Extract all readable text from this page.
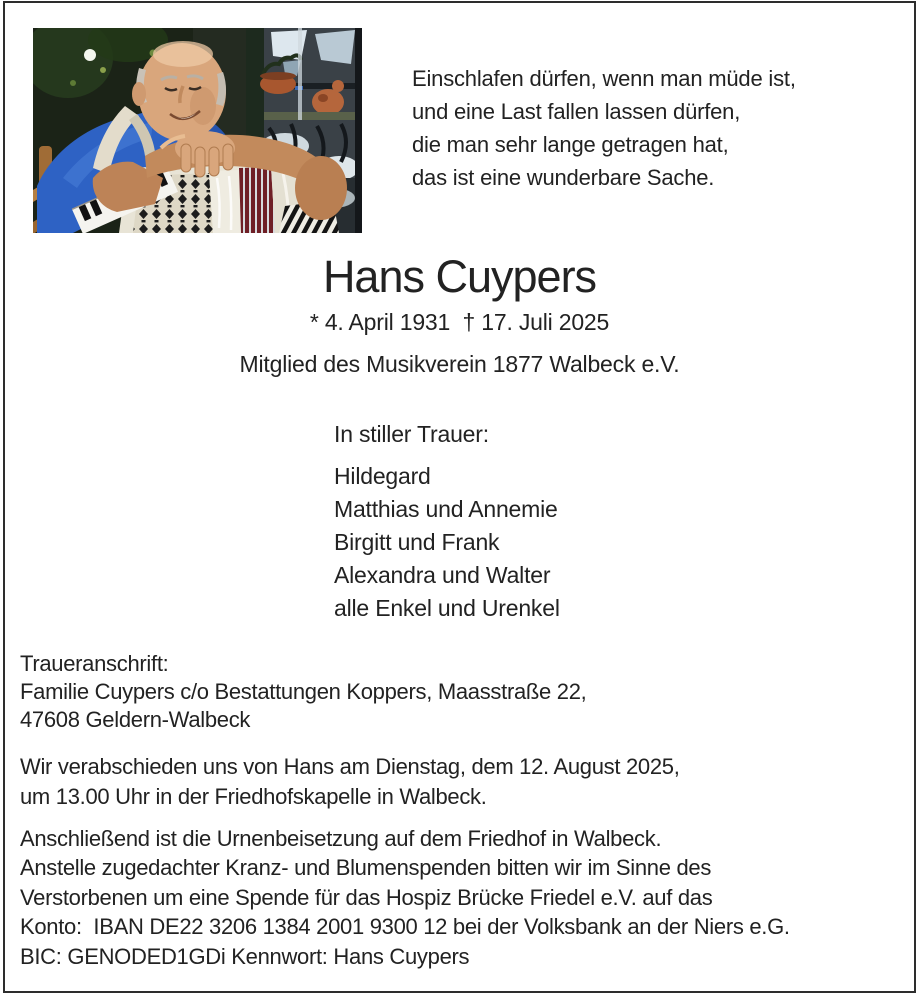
Einschlafen dürfen, wenn man müde ist,
und eine Last fallen lassen dürfen,
die man sehr lange getragen hat,
das ist eine wunderbare Sache.
Hans Cuypers
* 4. April 1931  † 17. Juli 2025
Mitglied des Musikverein 1877 Walbeck e.V.
In stiller Trauer:
Hildegard
Matthias und Annemie
Birgitt und Frank
Alexandra und Walter
alle Enkel und Urenkel
Traueranschrift:
Familie Cuypers c/o Bestattungen Koppers, Maasstraße 22,
47608 Geldern-Walbeck
Wir verabschieden uns von Hans am Dienstag, dem 12. August 2025,
um 13.00 Uhr in der Friedhofskapelle in Walbeck.
Anschließend ist die Urnenbeisetzung auf dem Friedhof in Walbeck.
Anstelle zugedachter Kranz- und Blumenspenden bitten wir im Sinne des
Verstorbenen um eine Spende für das Hospiz Brücke Friedel e.V. auf das
Konto:  IBAN DE22 3206 1384 2001 9300 12 bei der Volksbank an der Niers e.G.
BIC: GENODED1GDi Kennwort: Hans Cuypers
